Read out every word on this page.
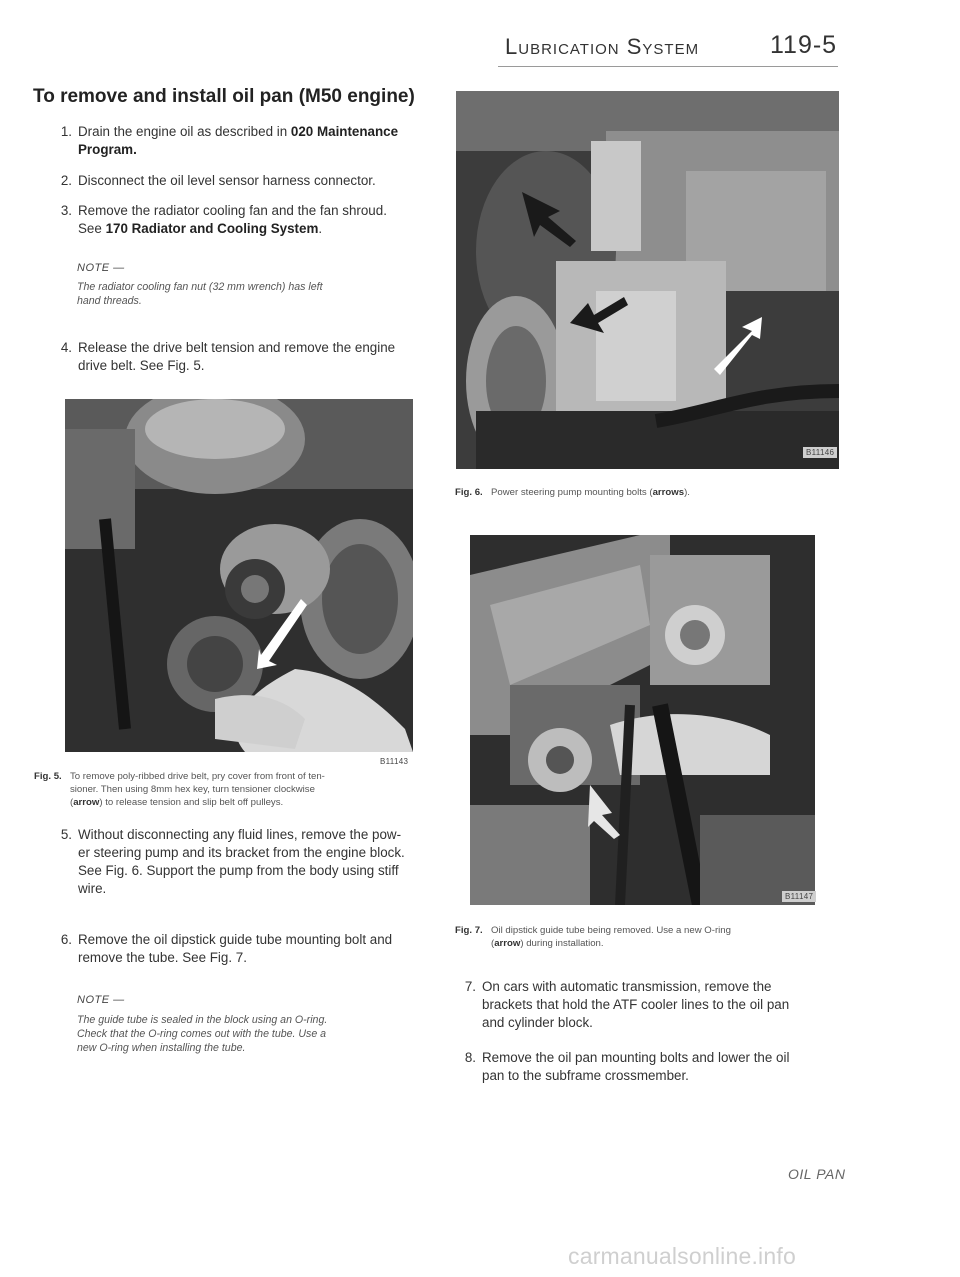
Lubrication System	119-5
To remove and install oil pan (M50 engine)
1. Drain the engine oil as described in 020 Maintenance
Program.
2. Disconnect the oil level sensor harness connector.
3. Remove the radiator cooling fan and the fan shroud.
See 170 Radiator and Cooling System.
NOTE —
The radiator cooling fan nut (32 mm wrench) has left
hand threads.
4. Release the drive belt tension and remove the engine
drive belt. See Fig. 5.
B11143
Fig. 5. To remove poly-ribbed drive belt, pry cover from front of ten-
sioner. Then using 8mm hex key, turn tensioner clockwise
(arrow) to release tension and slip belt off pulleys.
5. Without disconnecting any fluid lines, remove the pow-
er steering pump and its bracket from the engine block.
See Fig. 6. Support the pump from the body using stiff
wire.
6. Remove the oil dipstick guide tube mounting bolt and
remove the tube. See Fig. 7.
NOTE —
The guide tube is sealed in the block using an O-ring.
Check that the O-ring comes out with the tube. Use a
new O-ring when installing the tube.
B11146
Fig. 6. Power steering pump mounting bolts (arrows).
B11147
Fig. 7. Oil dipstick guide tube being removed. Use a new O-ring
(arrow) during installation.
7. On cars with automatic transmission, remove the
brackets that hold the ATF cooler lines to the oil pan
and cylinder block.
8. Remove the oil pan mounting bolts and lower the oil
pan to the subframe crossmember.
OIL PAN
carmanualsonline.info
